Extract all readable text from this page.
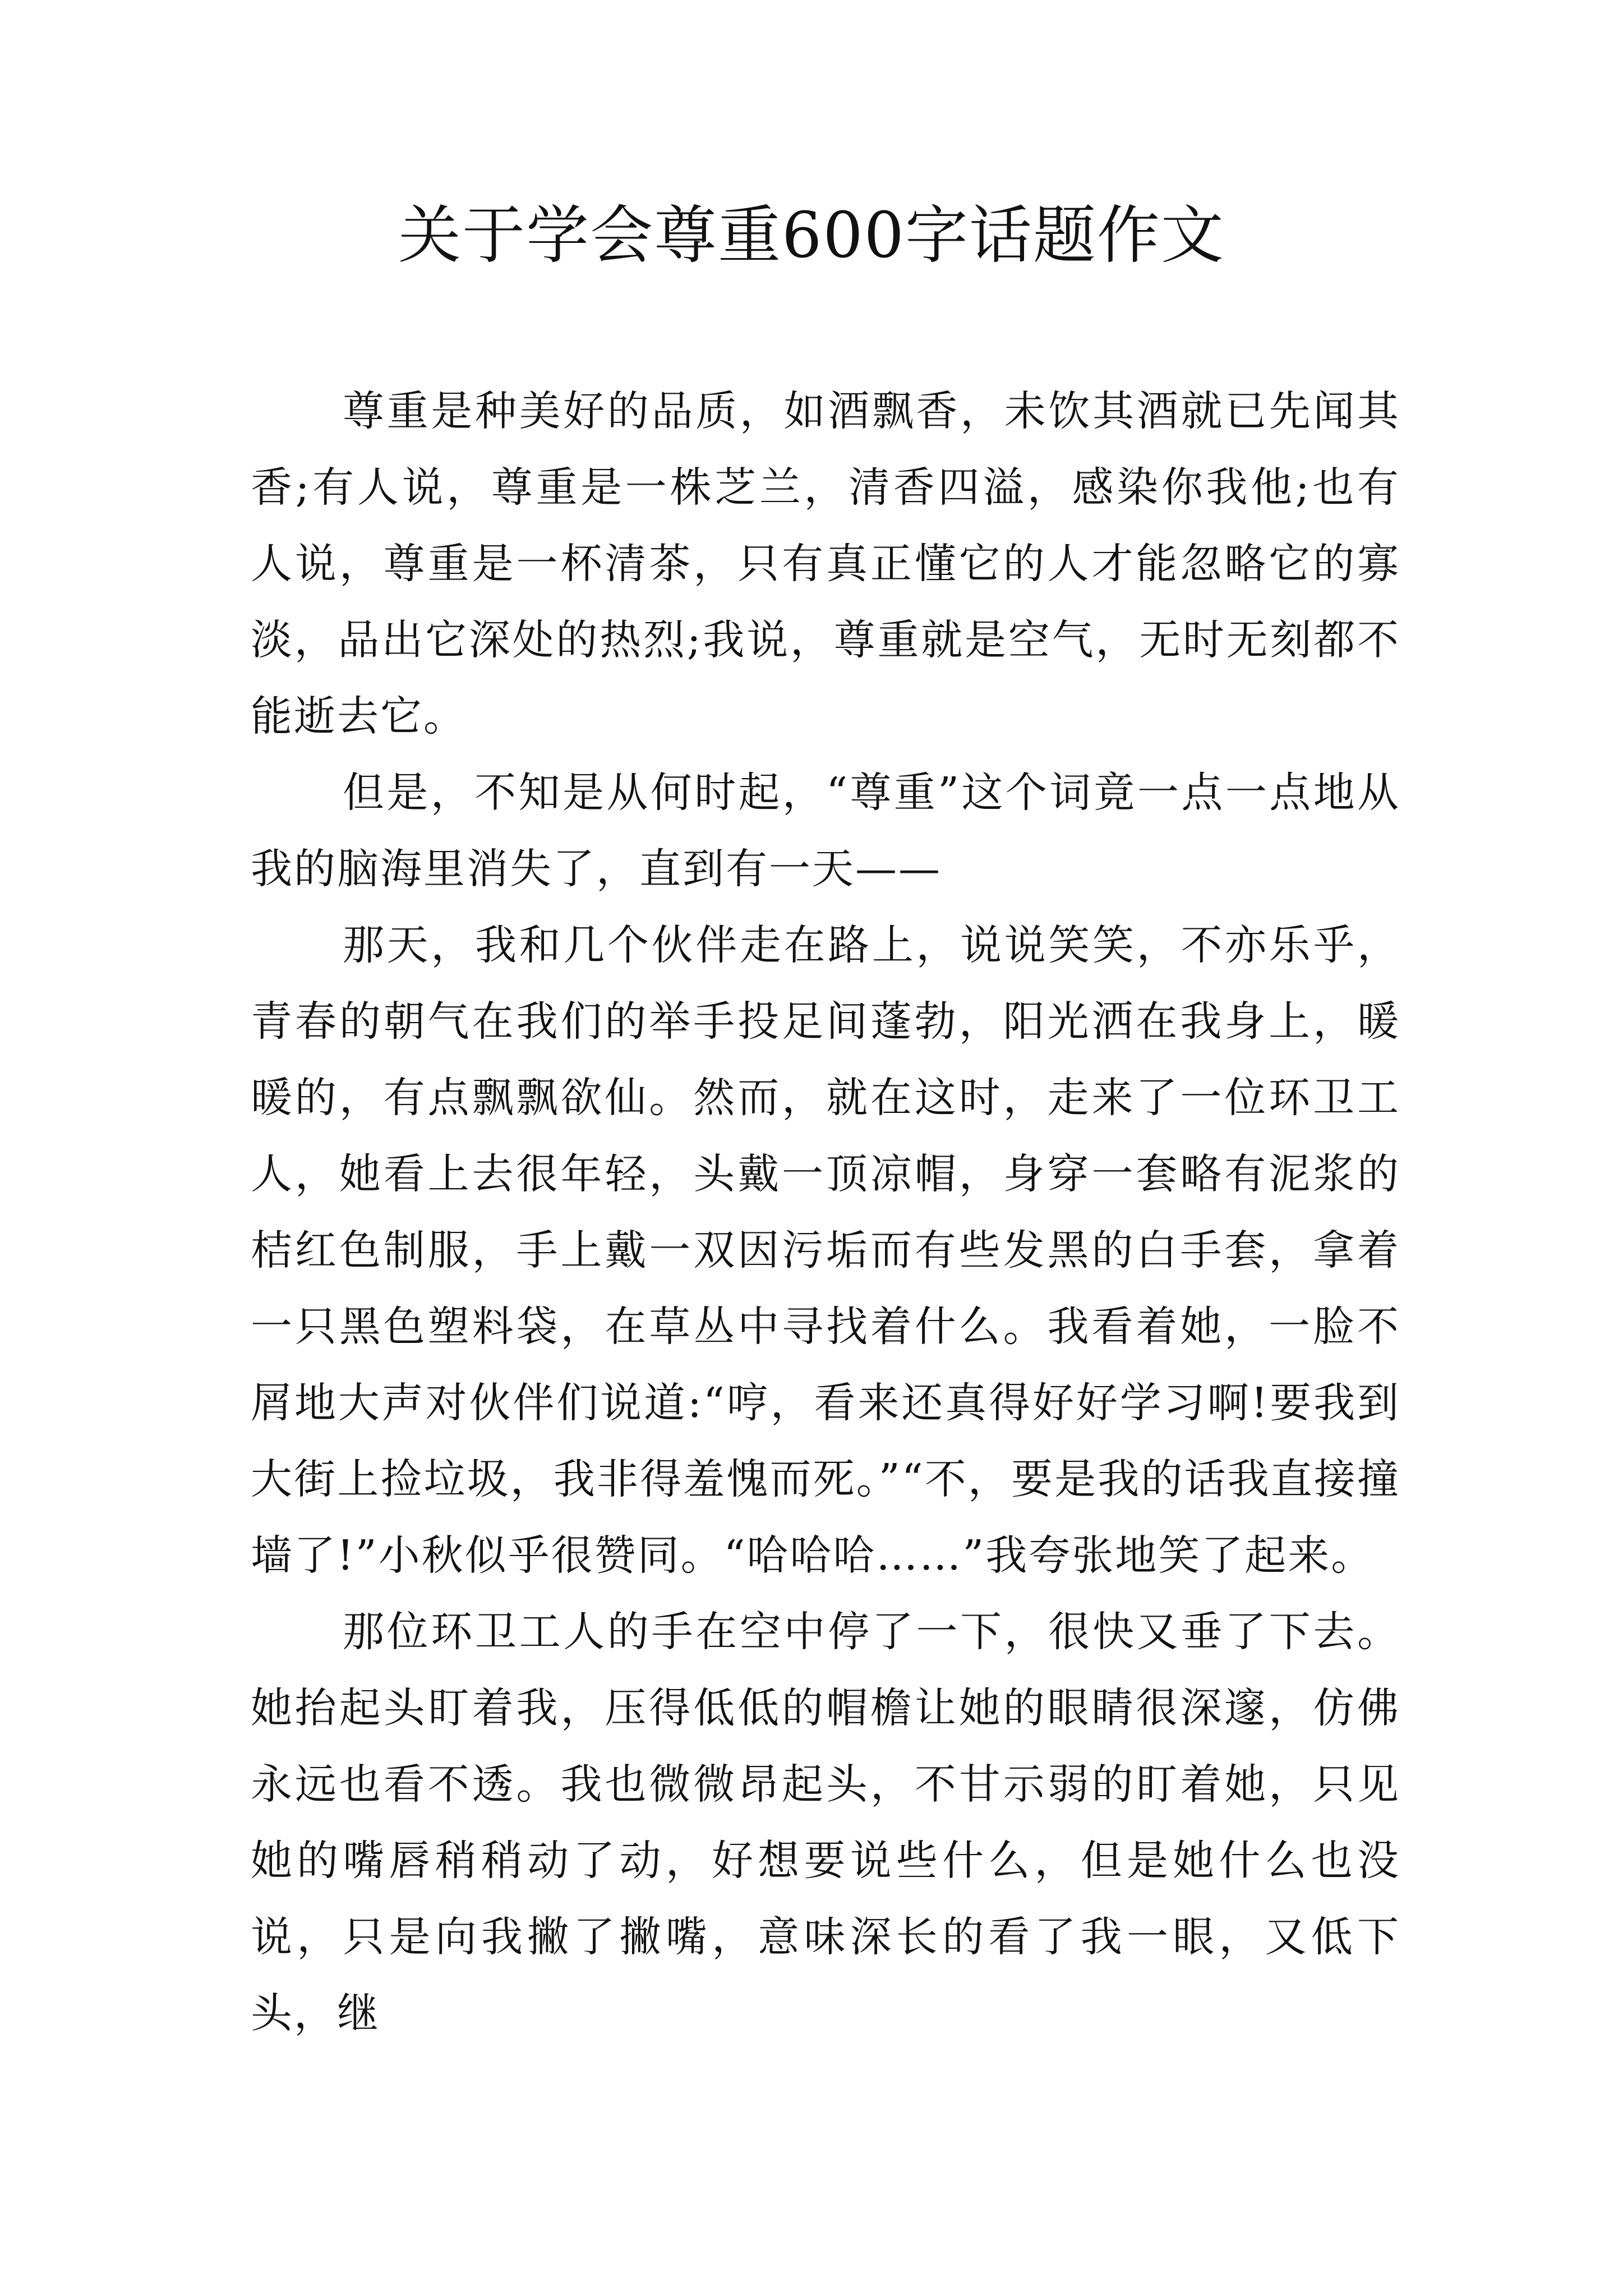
关于学会尊重600字话题作文

尊重是种美好的品质，如酒飘香，未饮其酒就已先闻其香;有人说，尊重是一株芝兰，清香四溢，感染你我他;也有人说，尊重是一杯清茶，只有真正懂它的人才能忽略它的寡淡，品出它深处的热烈;我说，尊重就是空气，无时无刻都不能逝去它。

但是，不知是从何时起，“尊重”这个词竟一点一点地从我的脑海里消失了，直到有一天——

那天，我和几个伙伴走在路上，说说笑笑，不亦乐乎，青春的朝气在我们的举手投足间蓬勃，阳光洒在我身上，暖暖的，有点飘飘欲仙。然而，就在这时，走来了一位环卫工人，她看上去很年轻，头戴一顶凉帽，身穿一套略有泥浆的桔红色制服，手上戴一双因污垢而有些发黑的白手套，拿着一只黑色塑料袋，在草丛中寻找着什么。我看着她，一脸不屑地大声对伙伴们说道:“哼，看来还真得好好学习啊!要我到大街上捡垃圾，我非得羞愧而死。”“不，要是我的话我直接撞墙了!”小秋似乎很赞同。“哈哈哈……”我夸张地笑了起来。

那位环卫工人的手在空中停了一下，很快又垂了下去。她抬起头盯着我，压得低低的帽檐让她的眼睛很深邃，仿佛永远也看不透。我也微微昂起头，不甘示弱的盯着她，只见她的嘴唇稍稍动了动，好想要说些什么，但是她什么也没说，只是向我撇了撇嘴，意味深长的看了我一眼，又低下头，继
